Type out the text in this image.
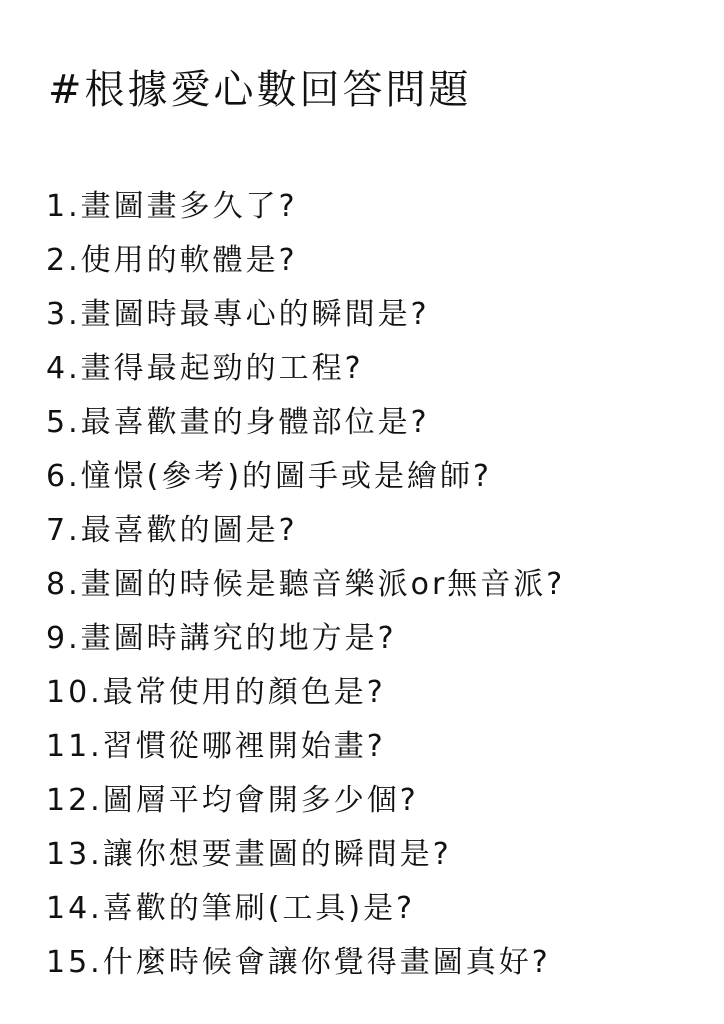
#根據愛心數回答問題
1.畫圖畫多久了?
2.使用的軟體是?
3.畫圖時最專心的瞬間是?
4.畫得最起勁的工程?
5.最喜歡畫的身體部位是?
6.憧憬(參考)的圖手或是繪師?
7.最喜歡的圖是?
8.畫圖的時候是聽音樂派or無音派?
9.畫圖時講究的地方是?
10.最常使用的顏色是?
11.習慣從哪裡開始畫?
12.圖層平均會開多少個?
13.讓你想要畫圖的瞬間是?
14.喜歡的筆刷(工具)是?
15.什麼時候會讓你覺得畫圖真好?
